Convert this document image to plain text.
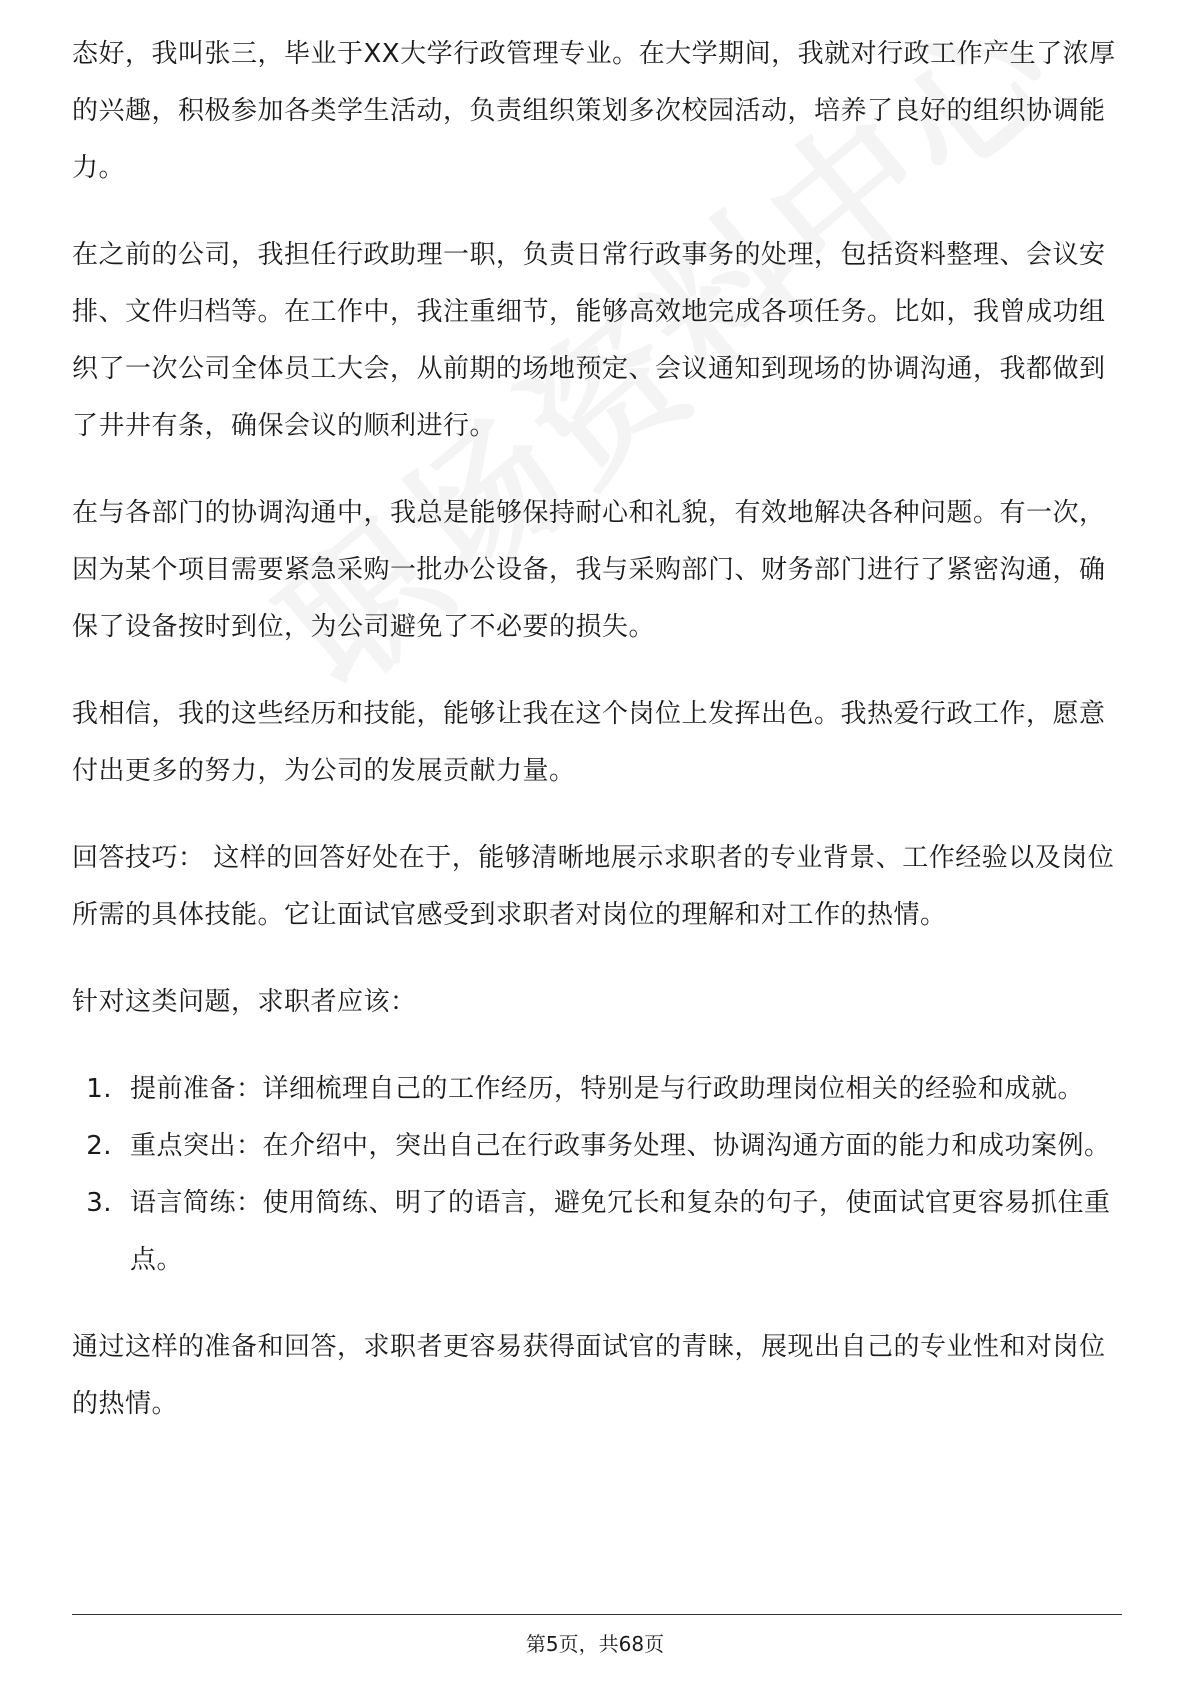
态好，我叫张三，毕业于XX大学行政管理专业。在大学期间，我就对行政工作产生了浓厚的兴趣，积极参加各类学生活动，负责组织策划多次校园活动，培养了良好的组织协调能力。

在之前的公司，我担任行政助理一职，负责日常行政事务的处理，包括资料整理、会议安排、文件归档等。在工作中，我注重细节，能够高效地完成各项任务。比如，我曾成功组织了一次公司全体员工大会，从前期的场地预定、会议通知到现场的协调沟通，我都做到了井井有条，确保会议的顺利进行。

在与各部门的协调沟通中，我总是能够保持耐心和礼貌，有效地解决各种问题。有一次，因为某个项目需要紧急采购一批办公设备，我与采购部门、财务部门进行了紧密沟通，确保了设备按时到位，为公司避免了不必要的损失。

我相信，我的这些经历和技能，能够让我在这个岗位上发挥出色。我热爱行政工作，愿意付出更多的努力，为公司的发展贡献力量。

回答技巧： 这样的回答好处在于，能够清晰地展示求职者的专业背景、工作经验以及岗位所需的具体技能。它让面试官感受到求职者对岗位的理解和对工作的热情。

针对这类问题，求职者应该：

1. 提前准备：详细梳理自己的工作经历，特别是与行政助理岗位相关的经验和成就。
2. 重点突出：在介绍中，突出自己在行政事务处理、协调沟通方面的能力和成功案例。
3. 语言简练：使用简练、明了的语言，避免冗长和复杂的句子，使面试官更容易抓住重点。

通过这样的准备和回答，求职者更容易获得面试官的青睐，展现出自己的专业性和对岗位的热情。

第5页，共68页
